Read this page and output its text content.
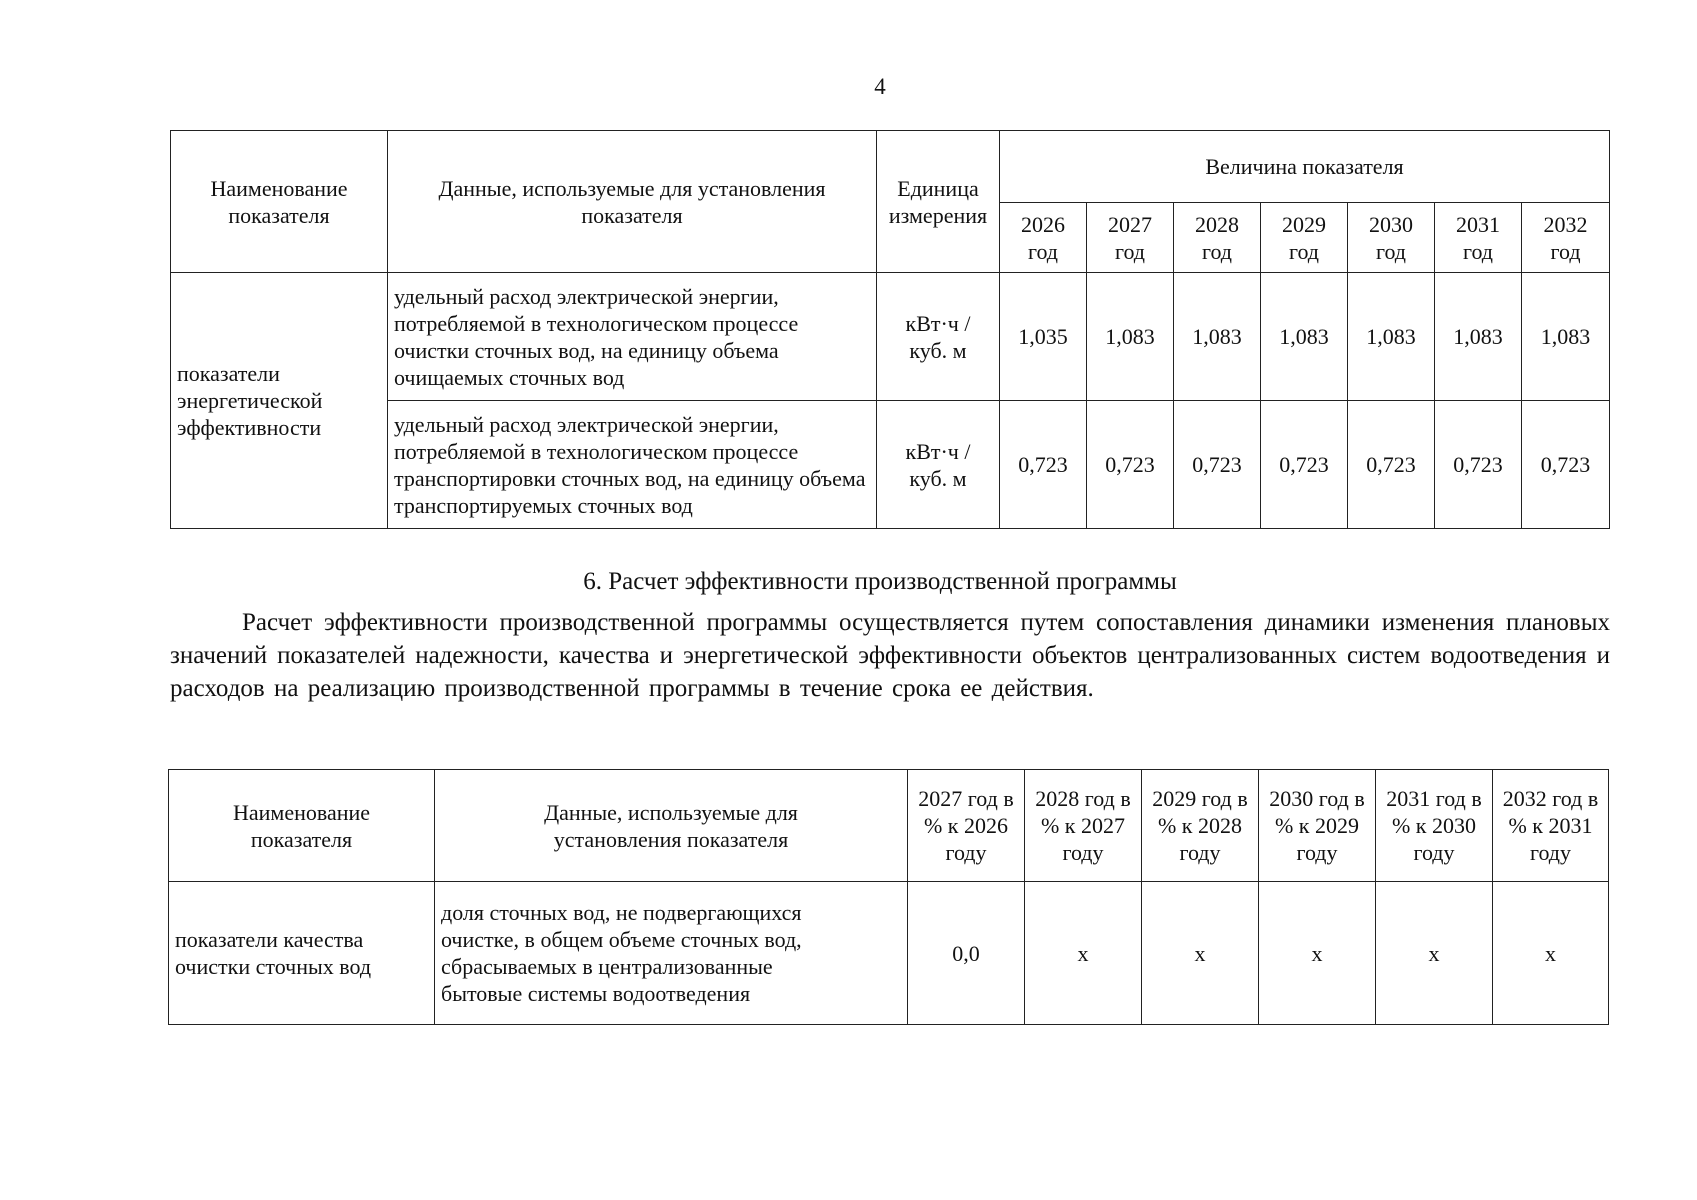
4
Наименование показателя	Данные, используемые для установления показателя	Единица измерения	Величина показателя						
			2026 год	2027 год	2028 год	2029 год	2030 год	2031 год	2032 год
показатели энергетической эффективности	удельный расход электрической энергии, потребляемой в технологическом процессе очистки сточных вод, на единицу объема очищаемых сточных вод	кВт·ч / куб. м	1,035	1,083	1,083	1,083	1,083	1,083	1,083
	удельный расход электрической энергии, потребляемой в технологическом процессе транспортировки сточных вод, на единицу объема транспортируемых сточных вод	кВт·ч / куб. м	0,723	0,723	0,723	0,723	0,723	0,723	0,723
6. Расчет эффективности производственной программы

Расчет эффективности производственной программы осуществляется путем сопоставления динамики изменения плановых значений показателей надежности, качества и энергетической эффективности объектов централизованных систем водоотведения и расходов на реализацию производственной программы в течение срока ее действия.

Наименование показателя	Данные, используемые для установления показателя	2027 год в % к 2026 году	2028 год в % к 2027 году	2029 год в % к 2028 году	2030 год в % к 2029 году	2031 год в % к 2030 году	2032 год в % к 2031 году
показатели качества очистки сточных вод	доля сточных вод, не подвергающихся очистке, в общем объеме сточных вод, сбрасываемых в централизованные бытовые системы водоотведения	0,0	х	х	х	х	х
